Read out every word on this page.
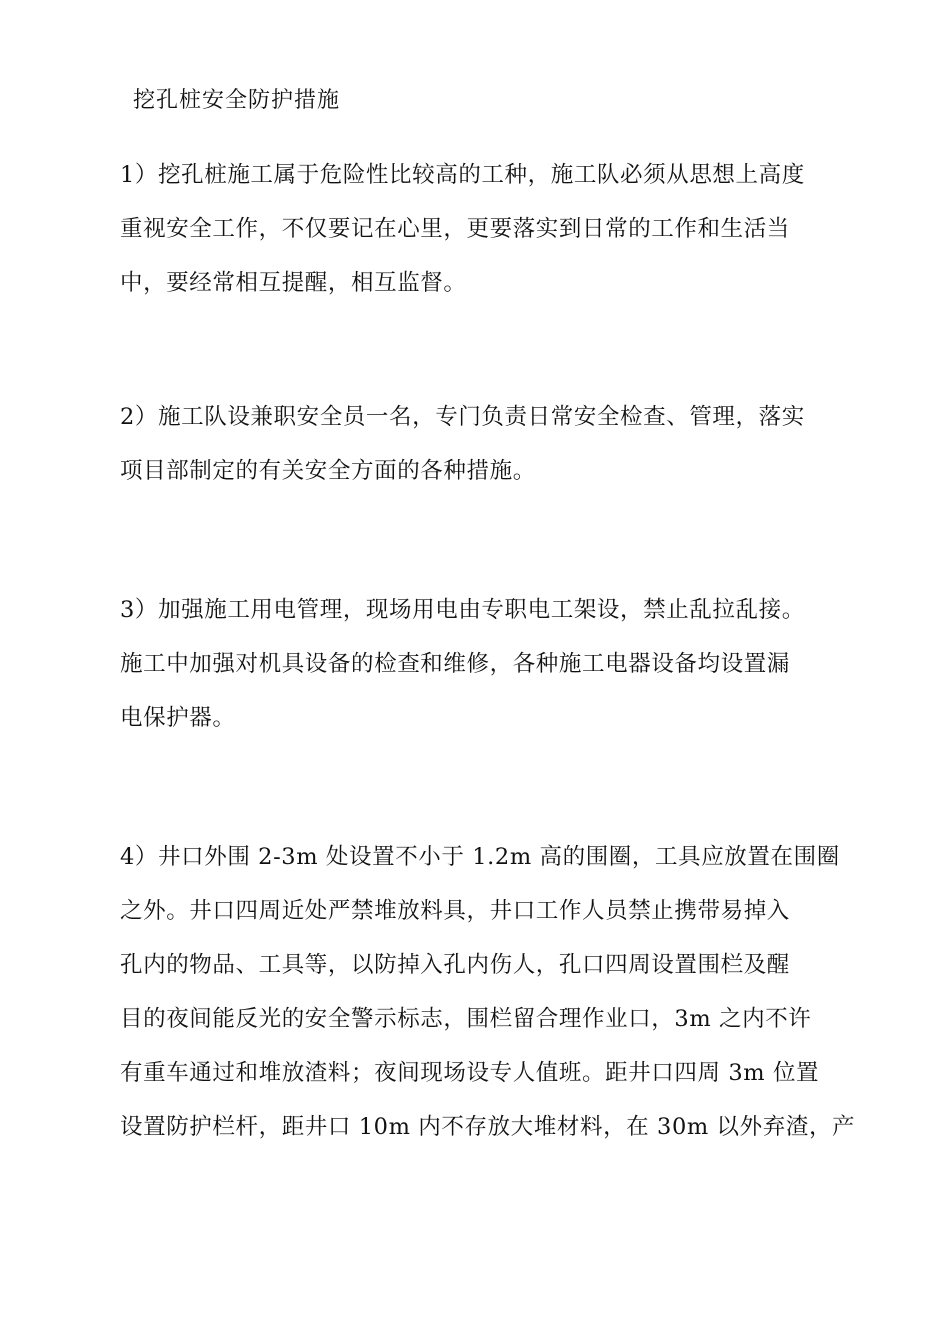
挖孔桩安全防护措施
1）挖孔桩施工属于危险性比较高的工种，施工队必须从思想上高度
重视安全工作，不仅要记在心里，更要落实到日常的工作和生活当
中，要经常相互提醒，相互监督。
2）施工队设兼职安全员一名，专门负责日常安全检查、管理，落实
项目部制定的有关安全方面的各种措施。
3）加强施工用电管理，现场用电由专职电工架设，禁止乱拉乱接。
施工中加强对机具设备的检查和维修，各种施工电器设备均设置漏
电保护器。
4）井口外围 2-3m 处设置不小于 1.2m 高的围圈，工具应放置在围圈
之外。井口四周近处严禁堆放料具，井口工作人员禁止携带易掉入
孔内的物品、工具等，以防掉入孔内伤人，孔口四周设置围栏及醒
目的夜间能反光的安全警示标志，围栏留合理作业口，3m 之内不许
有重车通过和堆放渣料；夜间现场设专人值班。距井口四周 3m 位置
设置防护栏杆，距井口 10m 内不存放大堆材料，在 30m 以外弃渣，产
